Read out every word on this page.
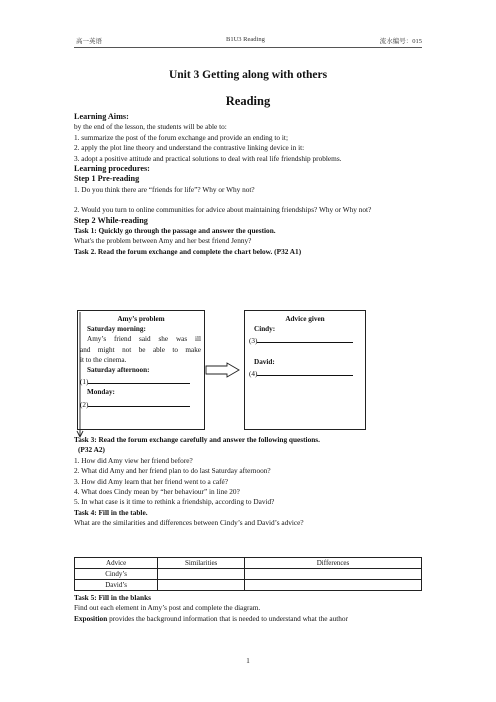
高一英语	B1U3 Reading	流水编号：015
Unit 3 Getting along with others
Reading

Learning Aims:

by the end of the lesson, the students will be able to:

1. summarize the post of the forum exchange and provide an ending to it;

2. apply the plot line theory and understand the contrastive linking device in it:

3. adopt a positive attitude and practical solutions to deal with real life friendship problems.

Learning procedures:

Step 1 Pre-reading

1. Do you think there are “friends for life”? Why or Why not?

2. Would you turn to online communities for advice about maintaining friendships? Why or Why not?

Step 2 While-reading

Task 1: Quickly go through the passage and answer the question.

What's the problem between Amy and her best friend Jenny?

Task 2. Read the forum exchange and complete the chart below. (P32 A1)

Amy’s problem

Saturday morning:

Amy’s friend said she was ill

and might not be able to make

it to the cinema.

Saturday afternoon:

(1)

Monday:

(2)

Advice given

Cindy:

(3)

David:

(4)

Task 3: Read the forum exchange carefully and answer the following questions.

(P32 A2)

1. How did Amy view her friend before?

2. What did Amy and her friend plan to do last Saturday afternoon?

3. How did Amy learn that her friend went to a café?

4. What does Cindy mean by “her behaviour” in line 20?

5. In what case is it time to rethink a friendship, according to David?

Task 4: Fill in the table.

What are the similarities and differences between Cindy’s and David’s advice?

Advice	Similarities	Differences
Cindy’s		
David’s		

Task 5: Fill in the blanks

Find out each element in Amy’s post and complete the diagram.

Exposition provides the background information that is needed to understand what the author

1
